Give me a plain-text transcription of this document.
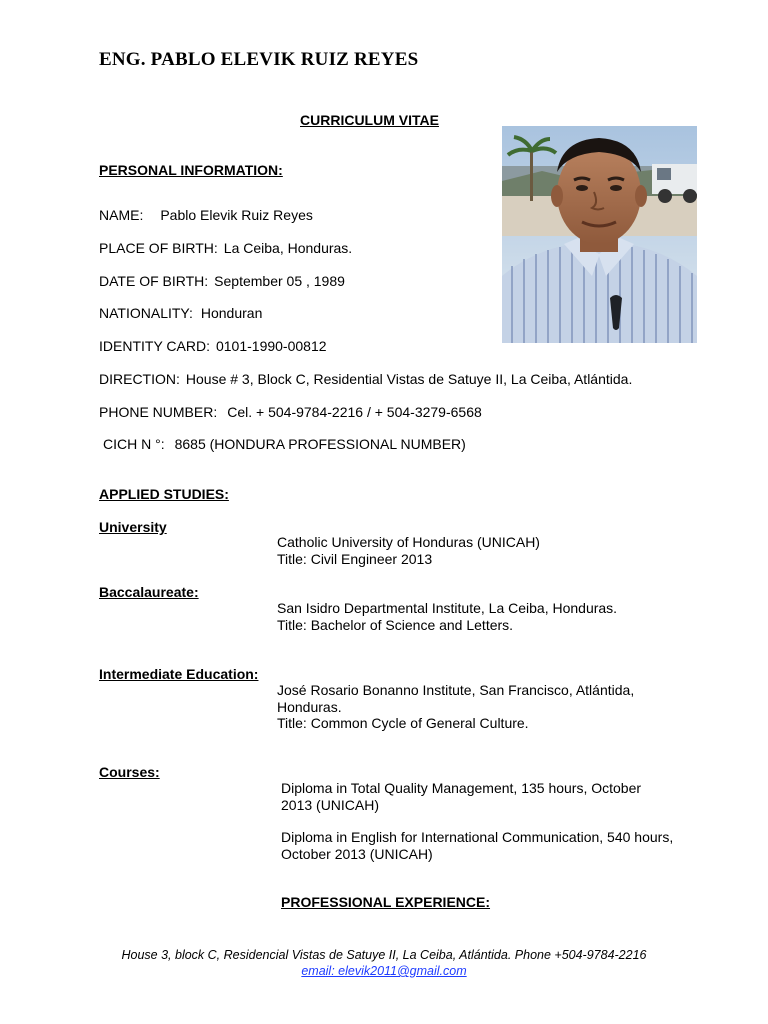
ENG. PABLO ELEVIK RUIZ REYES
CURRICULUM VITAE
PERSONAL INFORMATION:
NAME: Pablo Elevik Ruiz Reyes
PLACE OF BIRTH: La Ceiba, Honduras.
DATE OF BIRTH: September 05 , 1989
NATIONALITY: Honduran
IDENTITY CARD: 0101-1990-00812
DIRECTION: House # 3, Block C, Residential Vistas de Satuye II, La Ceiba, Atlántida.
PHONE NUMBER: Cel. + 504-9784-2216 / + 504-3279-6568
CICH N °: 8685 (HONDURA PROFESSIONAL NUMBER)
APPLIED STUDIES:
University
Catholic University of Honduras (UNICAH)
Title: Civil Engineer 2013
Baccalaureate:
San Isidro Departmental Institute, La Ceiba, Honduras.
Title: Bachelor of Science and Letters.
Intermediate Education:
José Rosario Bonanno Institute, San Francisco, Atlántida,
Honduras.
Title: Common Cycle of General Culture.
Courses:
Diploma in Total Quality Management, 135 hours, October
2013 (UNICAH)
Diploma in English for International Communication, 540 hours,
October 2013 (UNICAH)
PROFESSIONAL EXPERIENCE:
House 3, block C, Residencial Vistas de Satuye II, La Ceiba, Atlántida. Phone +504-9784-2216
email: elevik2011@gmail.com
